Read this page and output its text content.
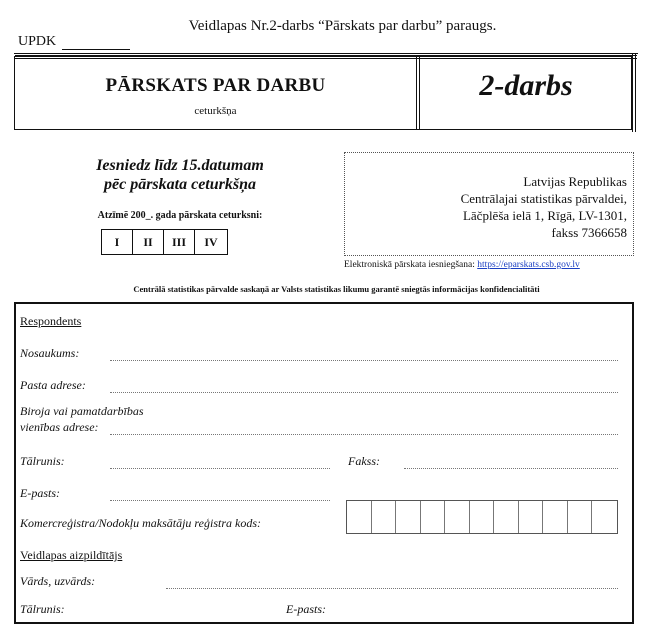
Veidlapas Nr.2-darbs “Pārskats par darbu” paraugs.
UPDK
PĀRSKATS PAR DARBU
ceturkšņa
2-darbs
Iesniedz līdz 15.datumam
pēc pārskata ceturkšņa
Atzīmē 200_. gada pārskata ceturksni:
I	II	III	IV
Latvijas Republikas
Centrālajai statistikas pārvaldei,
Lāčplēša ielā 1, Rīgā, LV-1301,
fakss 7366658
Elektroniskā pārskata iesniegšana: https://eparskats.csb.gov.lv
Centrālā statistikas pārvalde saskaņā ar Valsts statistikas likumu garantē sniegtās informācijas konfidencialitāti
Respondents
Nosaukums:
Pasta adrese:
Biroja vai pamatdarbības
vienības adrese:
Tālrunis:	Fakss:
E-pasts:
Komercreģistra/Nodokļu maksātāju reģistra kods:
Veidlapas aizpildītājs
Vārds, uzvārds:
Tālrunis:	E-pasts:
